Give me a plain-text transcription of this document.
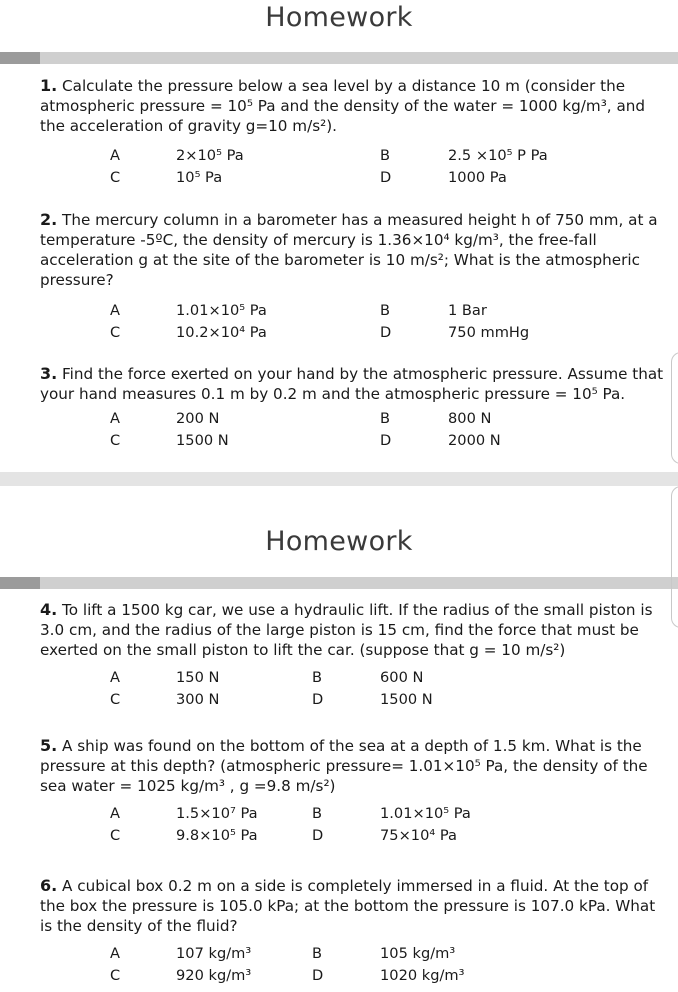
Homework
1. Calculate the pressure below a sea level by a distance 10 m (consider the atmospheric pressure = 10⁵ Pa and the density of the water = 1000 kg/m³, and the acceleration of gravity g=10 m/s²).
A	2×10⁵ Pa	B	2.5 ×10⁵ P Pa
C	10⁵ Pa	D	1000 Pa
2. The mercury column in a barometer has a measured height h of 750 mm, at a temperature -5ºC, the density of mercury is 1.36×10⁴ kg/m³, the free-fall acceleration g at the site of the barometer is 10 m/s²; What is the atmospheric pressure?
A	1.01×10⁵ Pa	B	1 Bar
C	10.2×10⁴ Pa	D	750 mmHg
3. Find the force exerted on your hand by the atmospheric pressure. Assume that your hand measures 0.1 m by 0.2 m and the atmospheric pressure = 10⁵ Pa.
A	200 N	B	800 N
C	1500 N	D	2000 N
Homework
4. To lift a 1500 kg car, we use a hydraulic lift. If the radius of the small piston is 3.0 cm, and the radius of the large piston is 15 cm, find the force that must be exerted on the small piston to lift the car. (suppose that g = 10 m/s²)
A	150 N	B	600 N
C	300 N	D	1500 N
5. A ship was found on the bottom of the sea at a depth of 1.5 km. What is the pressure at this depth? (atmospheric pressure= 1.01×10⁵ Pa, the density of the sea water = 1025 kg/m³ , g =9.8 m/s²)
A	1.5×10⁷ Pa	B	1.01×10⁵ Pa
C	9.8×10⁵ Pa	D	75×10⁴ Pa
6. A cubical box 0.2 m on a side is completely immersed in a fluid. At the top of the box the pressure is 105.0 kPa; at the bottom the pressure is 107.0 kPa. What is the density of the fluid?
A	107 kg/m³	B	105 kg/m³
C	920 kg/m³	D	1020 kg/m³
